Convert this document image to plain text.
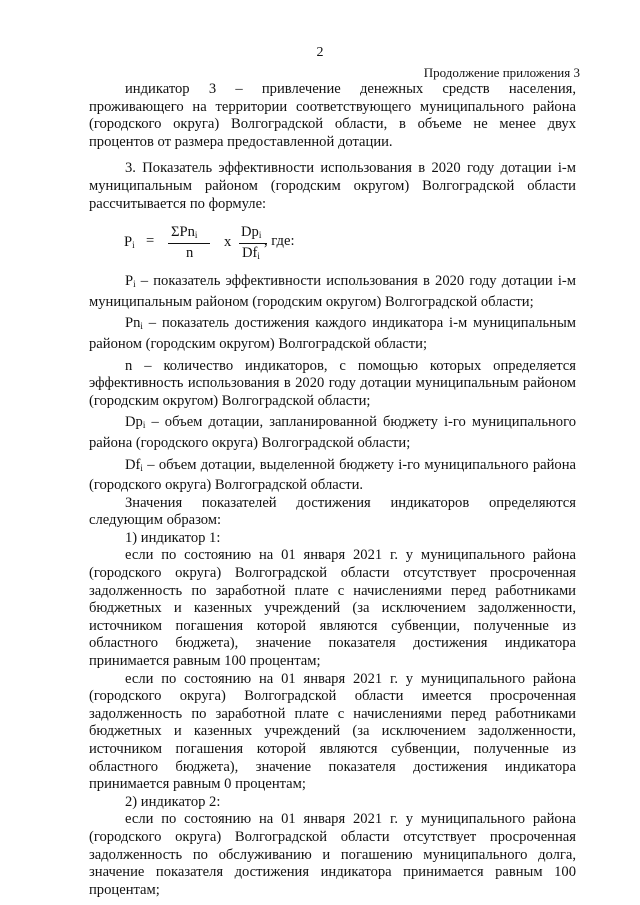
2
Продолжение приложения 3

индикатор 3 – привлечение денежных средств населения, проживающего на территории соответствующего муниципального района (городского округа) Волгоградской области, в объеме не менее двух процентов от размера предоставленной дотации.

3. Показатель эффективности использования в 2020 году дотации i-м муниципальным районом (городским округом) Волгоградской области рассчитывается по формуле:

$P_i$ =
ΣPn$_i$
n
x
$Dp_i$
$Df_i$
, где:

$P_i$ – показатель эффективности использования в 2020 году дотации i-м муниципальным районом (городским округом) Волгоградской области;

$Pn_i$ – показатель достижения каждого индикатора i-м муниципальным районом (городским округом) Волгоградской области;

n – количество индикаторов, с помощью которых определяется эффективность использования в 2020 году дотации муниципальным районом (городским округом) Волгоградской области;

$Dp_i$ – объем дотации, запланированной бюджету i-го муниципального района (городского округа) Волгоградской области;

$Df_i$ – объем дотации, выделенной бюджету i-го муниципального района (городского округа) Волгоградской области.

Значения показателей достижения индикаторов определяются следующим образом:

1) индикатор 1:

если по состоянию на 01 января 2021 г. у муниципального района (городского округа) Волгоградской области отсутствует просроченная задолженность по заработной плате с начислениями перед работниками бюджетных и казенных учреждений (за исключением задолженности, источником погашения которой являются субвенции, полученные из областного бюджета), значение показателя достижения индикатора принимается равным 100 процентам;

если по состоянию на 01 января 2021 г. у муниципального района (городского округа) Волгоградской области имеется просроченная задолженность по заработной плате с начислениями перед работниками бюджетных и казенных учреждений (за исключением задолженности, источником погашения которой являются субвенции, полученные из областного бюджета), значение показателя достижения индикатора принимается равным 0 процентам;

2) индикатор 2:

если по состоянию на 01 января 2021 г. у муниципального района (городского округа) Волгоградской области отсутствует просроченная задолженность по обслуживанию и погашению муниципального долга, значение показателя достижения индикатора принимается равным 100 процентам;
